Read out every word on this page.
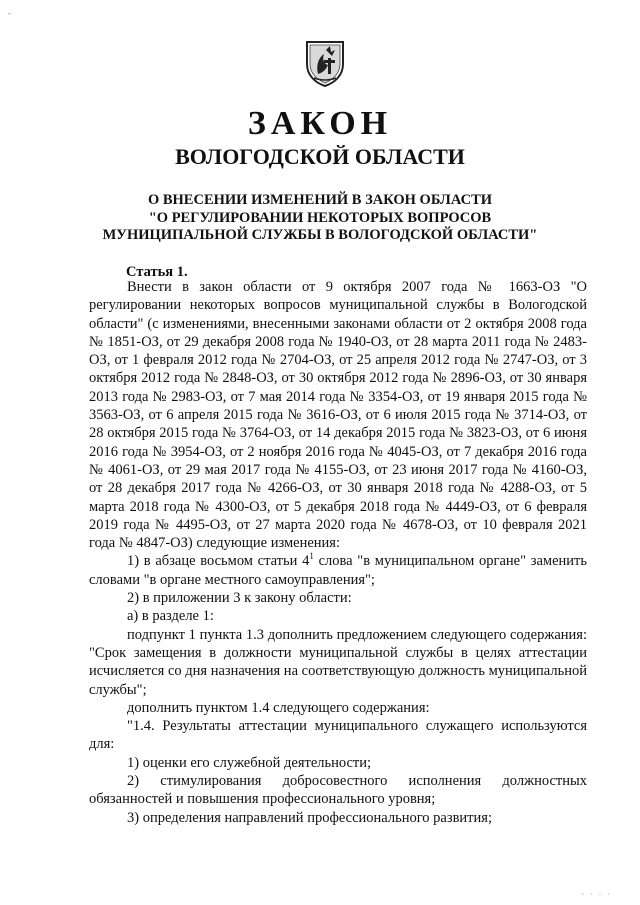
-
ЗАКОН
ВОЛОГОДСКОЙ ОБЛАСТИ
О ВНЕСЕНИИ ИЗМЕНЕНИЙ В ЗАКОН ОБЛАСТИ
"О РЕГУЛИРОВАНИИ НЕКОТОРЫХ ВОПРОСОВ
МУНИЦИПАЛЬНОЙ СЛУЖБЫ В ВОЛОГОДСКОЙ ОБЛАСТИ"
Статья 1.
Внести в закон области от 9 октября 2007 года № 1663-ОЗ "О регулировании некоторых вопросов муниципальной службы в Вологодской области" (с изменениями, внесенными законами области от 2 октября 2008 года № 1851-ОЗ, от 29 декабря 2008 года № 1940-ОЗ, от 28 марта 2011 года № 2483-ОЗ, от 1 февраля 2012 года № 2704-ОЗ, от 25 апреля 2012 года № 2747-ОЗ, от 3 октября 2012 года № 2848-ОЗ, от 30 октября 2012 года № 2896-ОЗ, от 30 января 2013 года № 2983-ОЗ, от 7 мая 2014 года № 3354-ОЗ, от 19 января 2015 года № 3563-ОЗ, от 6 апреля 2015 года № 3616-ОЗ, от 6 июля 2015 года № 3714-ОЗ, от 28 октября 2015 года № 3764-ОЗ, от 14 декабря 2015 года № 3823-ОЗ, от 6 июня 2016 года № 3954-ОЗ, от 2 ноября 2016 года № 4045-ОЗ, от 7 декабря 2016 года № 4061-ОЗ, от 29 мая 2017 года № 4155-ОЗ, от 23 июня 2017 года № 4160-ОЗ, от 28 декабря 2017 года № 4266-ОЗ, от 30 января 2018 года № 4288-ОЗ, от 5 марта 2018 года № 4300-ОЗ, от 5 декабря 2018 года № 4449-ОЗ, от 6 февраля 2019 года № 4495-ОЗ, от 27 марта 2020 года № 4678-ОЗ, от 10 февраля 2021 года № 4847-ОЗ) следующие изменения:
1) в абзаце восьмом статьи $4^1$ слова "в муниципальном органе" заменить словами "в органе местного самоуправления";
2) в приложении 3 к закону области:
а) в разделе 1:
подпункт 1 пункта 1.3 дополнить предложением следующего содержания: "Срок замещения в должности муниципальной службы в целях аттестации исчисляется со дня назначения на соответствующую должность муниципальной службы";
дополнить пунктом 1.4 следующего содержания:
"1.4. Результаты аттестации муниципального служащего используются для:
1) оценки его служебной деятельности;
2) стимулирования добросовестного исполнения должностных обязанностей и повышения профессионального уровня;
3) определения направлений профессионального развития;
· · · ·
